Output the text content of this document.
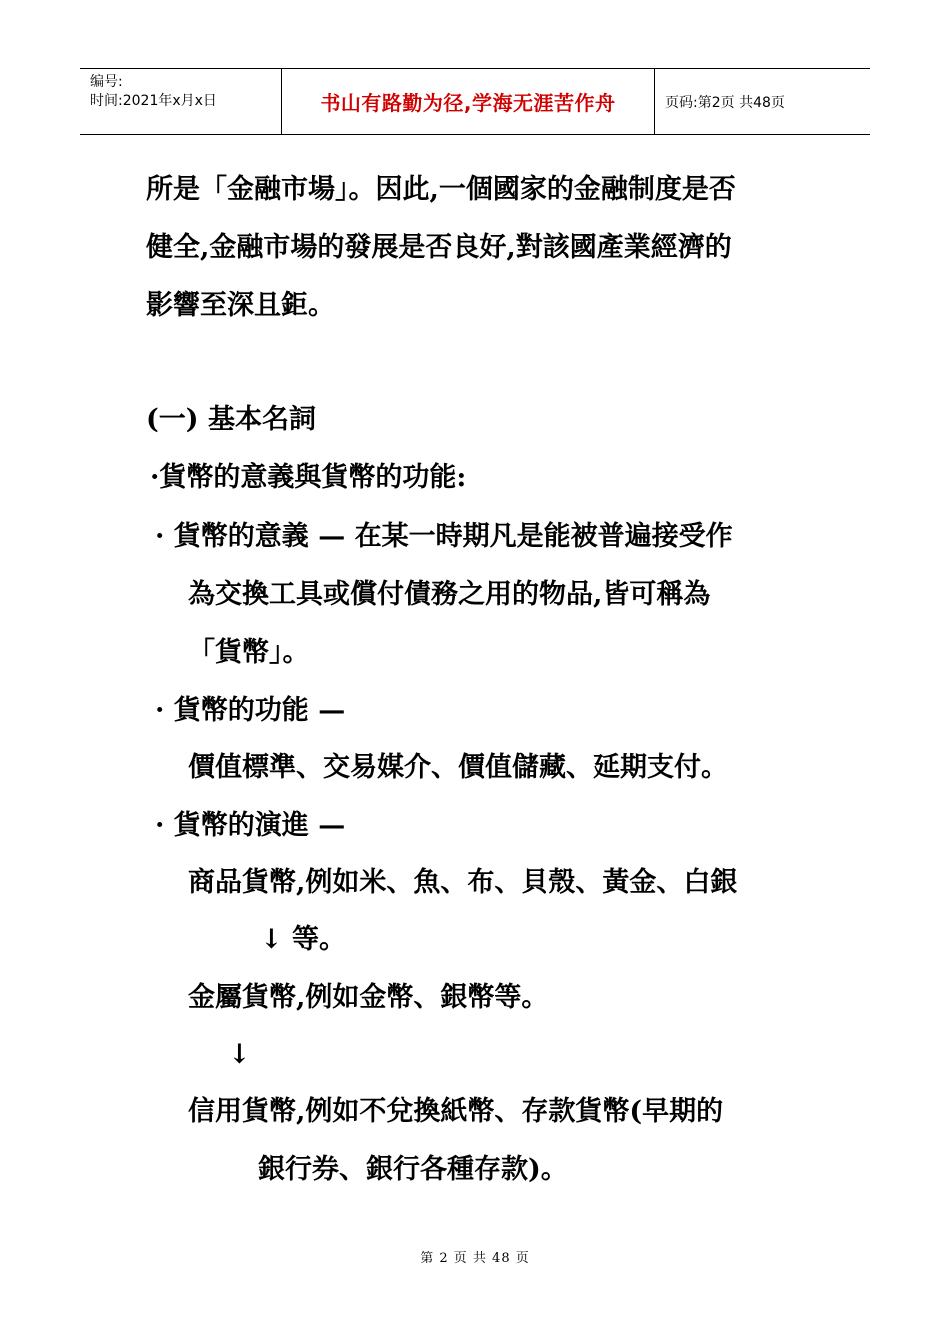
编号:
时间:2021年x月x日	书山有路勤为径,学海无涯苦作舟	页码:第2页 共48页
所是「金融市場」。因此,一個國家的金融制度是否
健全,金融市場的發展是否良好,對該國產業經濟的
影響至深且鉅。
(一) 基本名詞
·貨幣的意義與貨幣的功能:
· 貨幣的意義 — 在某一時期凡是能被普遍接受作
為交換工具或償付債務之用的物品,皆可稱為
「貨幣」。
· 貨幣的功能 —
價值標準、交易媒介、價值儲藏、延期支付。
· 貨幣的演進 —
商品貨幣,例如米、魚、布、貝殼、黃金、白銀
↓ 等。
金屬貨幣,例如金幣、銀幣等。
↓
信用貨幣,例如不兌換紙幣、存款貨幣(早期的
銀行券、銀行各種存款)。
第 2 页 共 48 页
